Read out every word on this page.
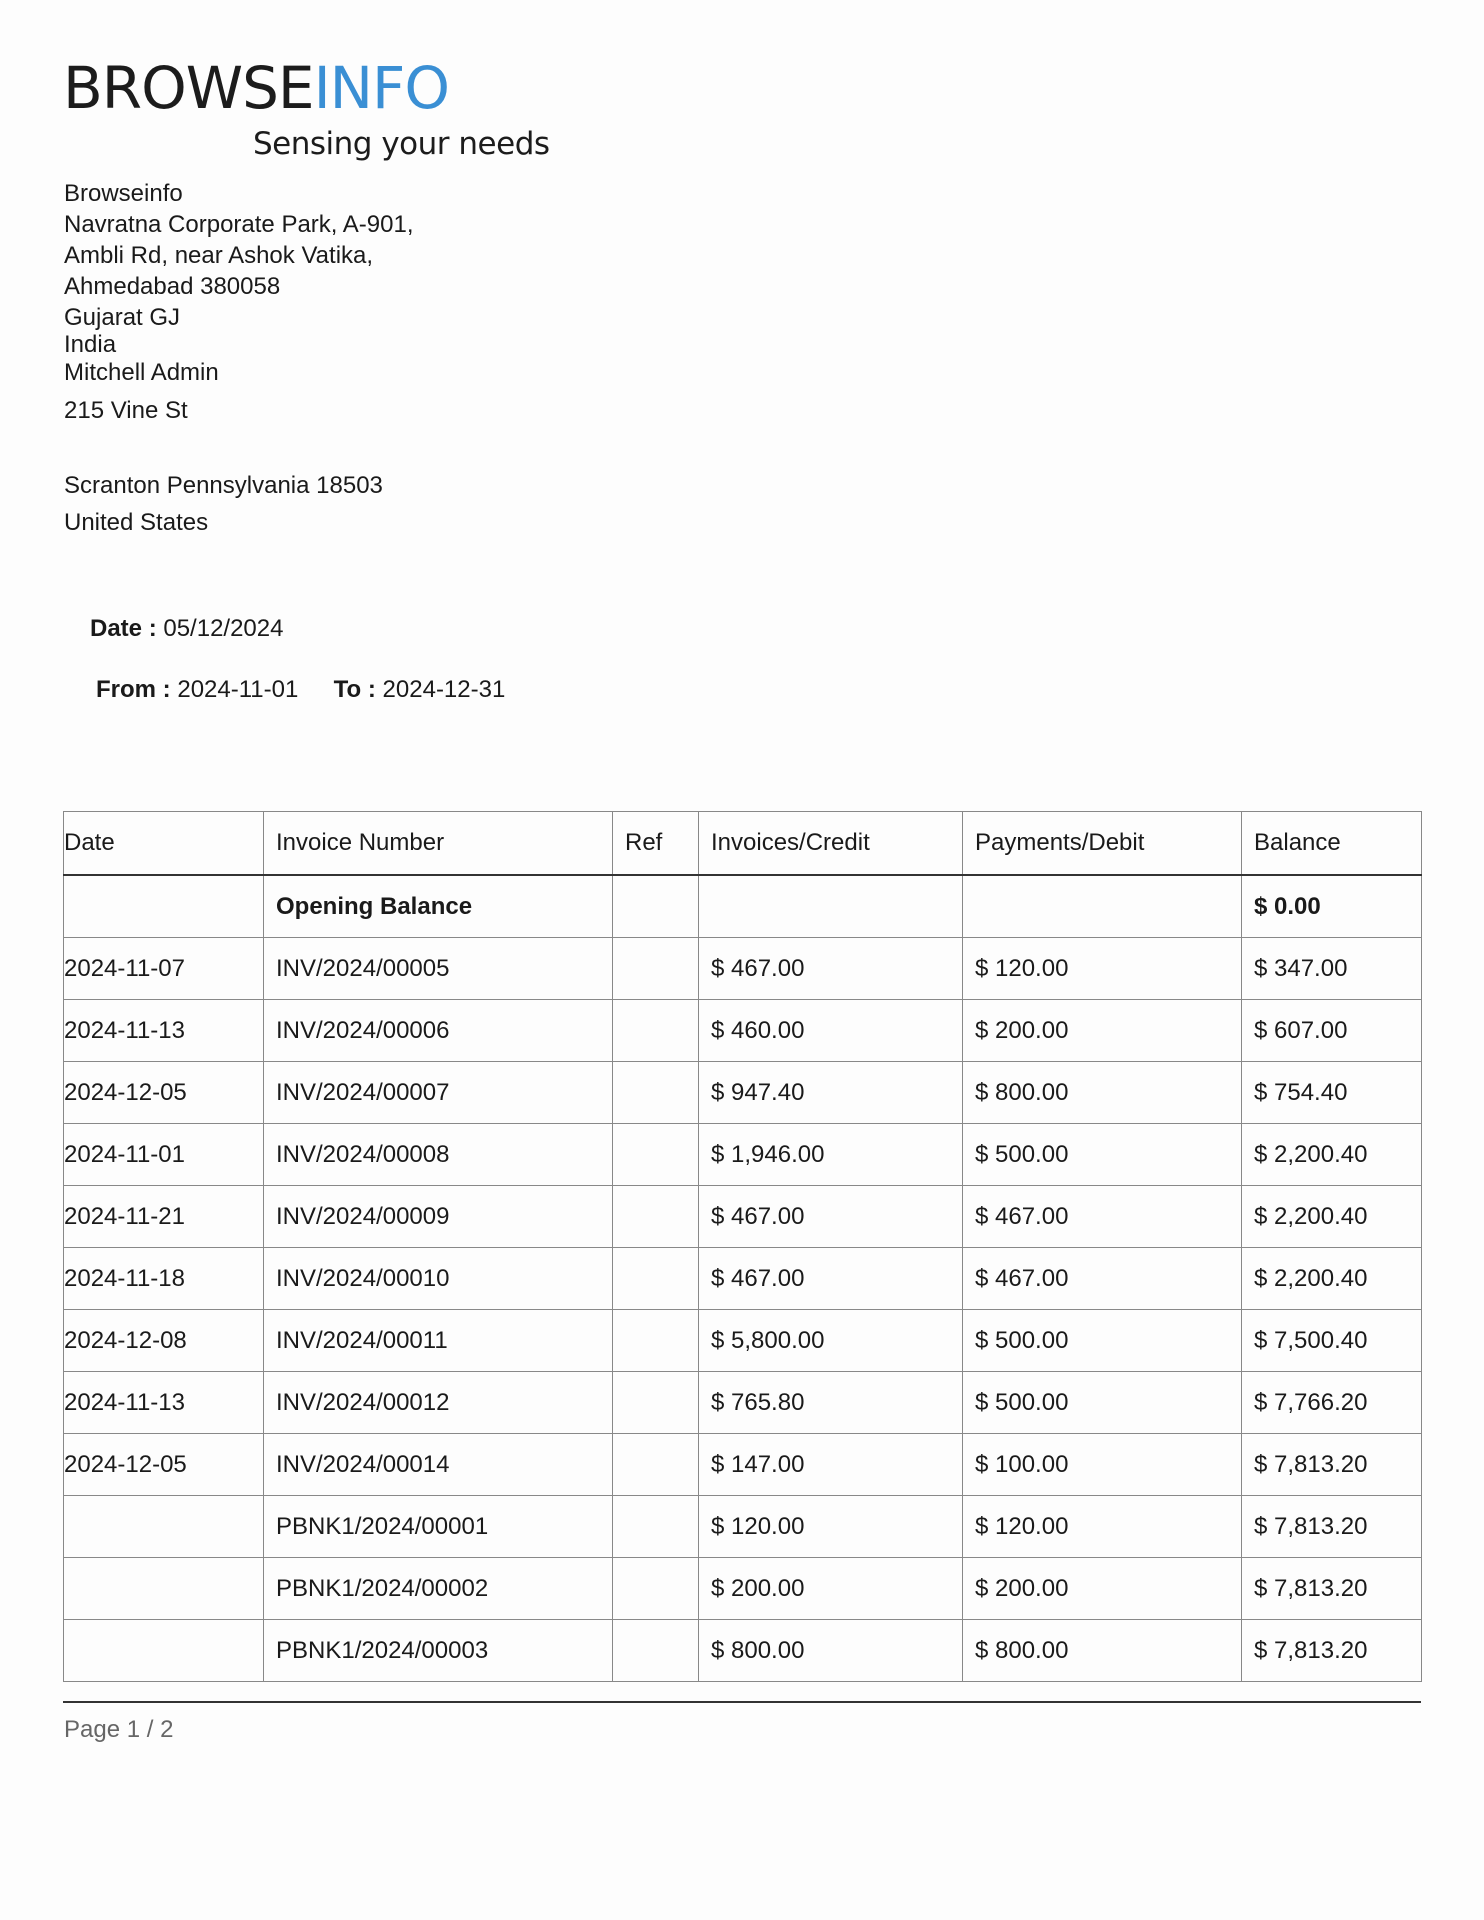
BROWSEINFO
Sensing your needs
Browseinfo
Navratna Corporate Park, A-901,
Ambli Rd, near Ashok Vatika,
Ahmedabad 380058
Gujarat GJ
India
Mitchell Admin
215 Vine St
Scranton Pennsylvania 18503
United States
Date : 05/12/2024
From : 2024-11-01 To : 2024-12-31
Date	Invoice Number	Ref	Invoices/Credit	Payments/Debit	Balance
	Opening Balance				$ 0.00
2024-11-07	INV/2024/00005		$ 467.00	$ 120.00	$ 347.00
2024-11-13	INV/2024/00006		$ 460.00	$ 200.00	$ 607.00
2024-12-05	INV/2024/00007		$ 947.40	$ 800.00	$ 754.40
2024-11-01	INV/2024/00008		$ 1,946.00	$ 500.00	$ 2,200.40
2024-11-21	INV/2024/00009		$ 467.00	$ 467.00	$ 2,200.40
2024-11-18	INV/2024/00010		$ 467.00	$ 467.00	$ 2,200.40
2024-12-08	INV/2024/00011		$ 5,800.00	$ 500.00	$ 7,500.40
2024-11-13	INV/2024/00012		$ 765.80	$ 500.00	$ 7,766.20
2024-12-05	INV/2024/00014		$ 147.00	$ 100.00	$ 7,813.20
	PBNK1/2024/00001		$ 120.00	$ 120.00	$ 7,813.20
	PBNK1/2024/00002		$ 200.00	$ 200.00	$ 7,813.20
	PBNK1/2024/00003		$ 800.00	$ 800.00	$ 7,813.20
Page 1 / 2
